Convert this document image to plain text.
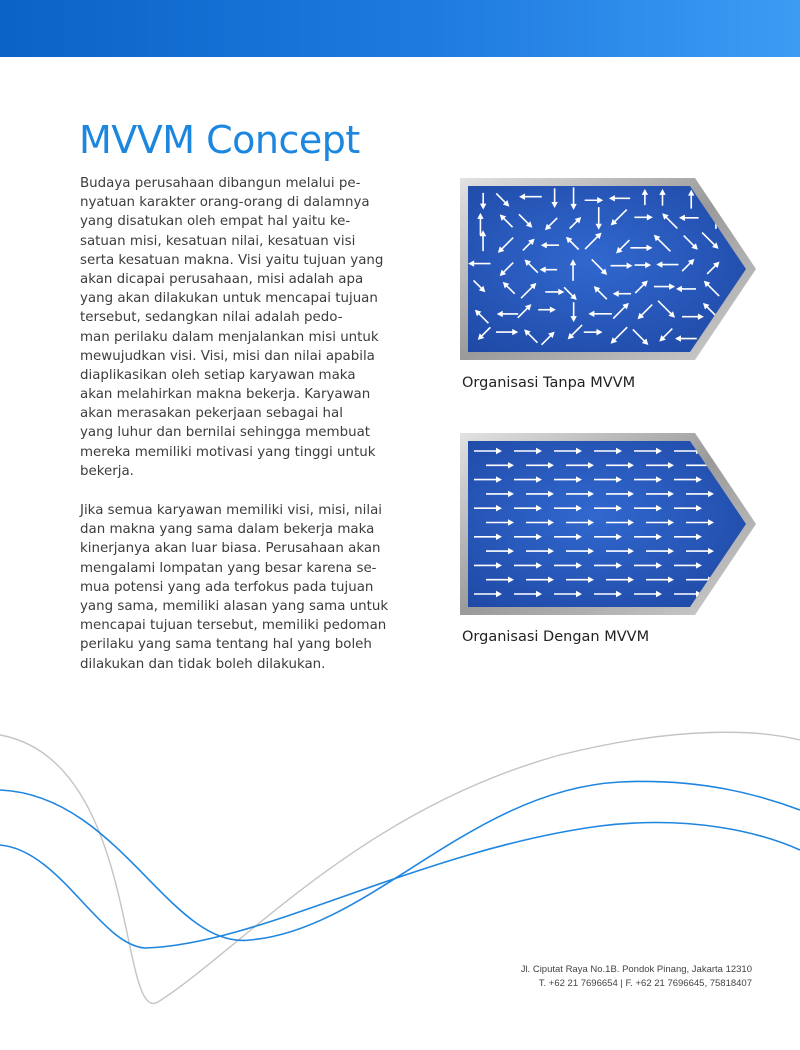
MVVM Concept
Budaya perusahaan dibangun melalui pe-
nyatuan karakter orang-orang di dalamnya
yang disatukan oleh empat hal yaitu ke-
satuan misi, kesatuan nilai, kesatuan visi
serta kesatuan makna. Visi yaitu tujuan yang
akan dicapai perusahaan, misi adalah apa
yang akan dilakukan untuk mencapai tujuan
tersebut, sedangkan nilai adalah pedo-
man perilaku dalam menjalankan misi untuk
mewujudkan visi. Visi, misi dan nilai apabila
diaplikasikan oleh setiap karyawan maka
akan melahirkan makna bekerja. Karyawan
akan merasakan pekerjaan sebagai hal
yang luhur dan bernilai sehingga membuat
mereka memiliki motivasi yang tinggi untuk
bekerja.
Jika semua karyawan memiliki visi, misi, nilai
dan makna yang sama dalam bekerja maka
kinerjanya akan luar biasa. Perusahaan akan
mengalami lompatan yang besar karena se-
mua potensi yang ada terfokus pada tujuan
yang sama, memiliki alasan yang sama untuk
mencapai tujuan tersebut, memiliki pedoman
perilaku yang sama tentang hal yang boleh
dilakukan dan tidak boleh dilakukan.

Organisasi Tanpa MVVM

Organisasi Dengan MVVM

Jl. Ciputat Raya No.1B. Pondok Pinang, Jakarta 12310
T. +62 21 7696654 | F. +62 21 7696645, 75818407
